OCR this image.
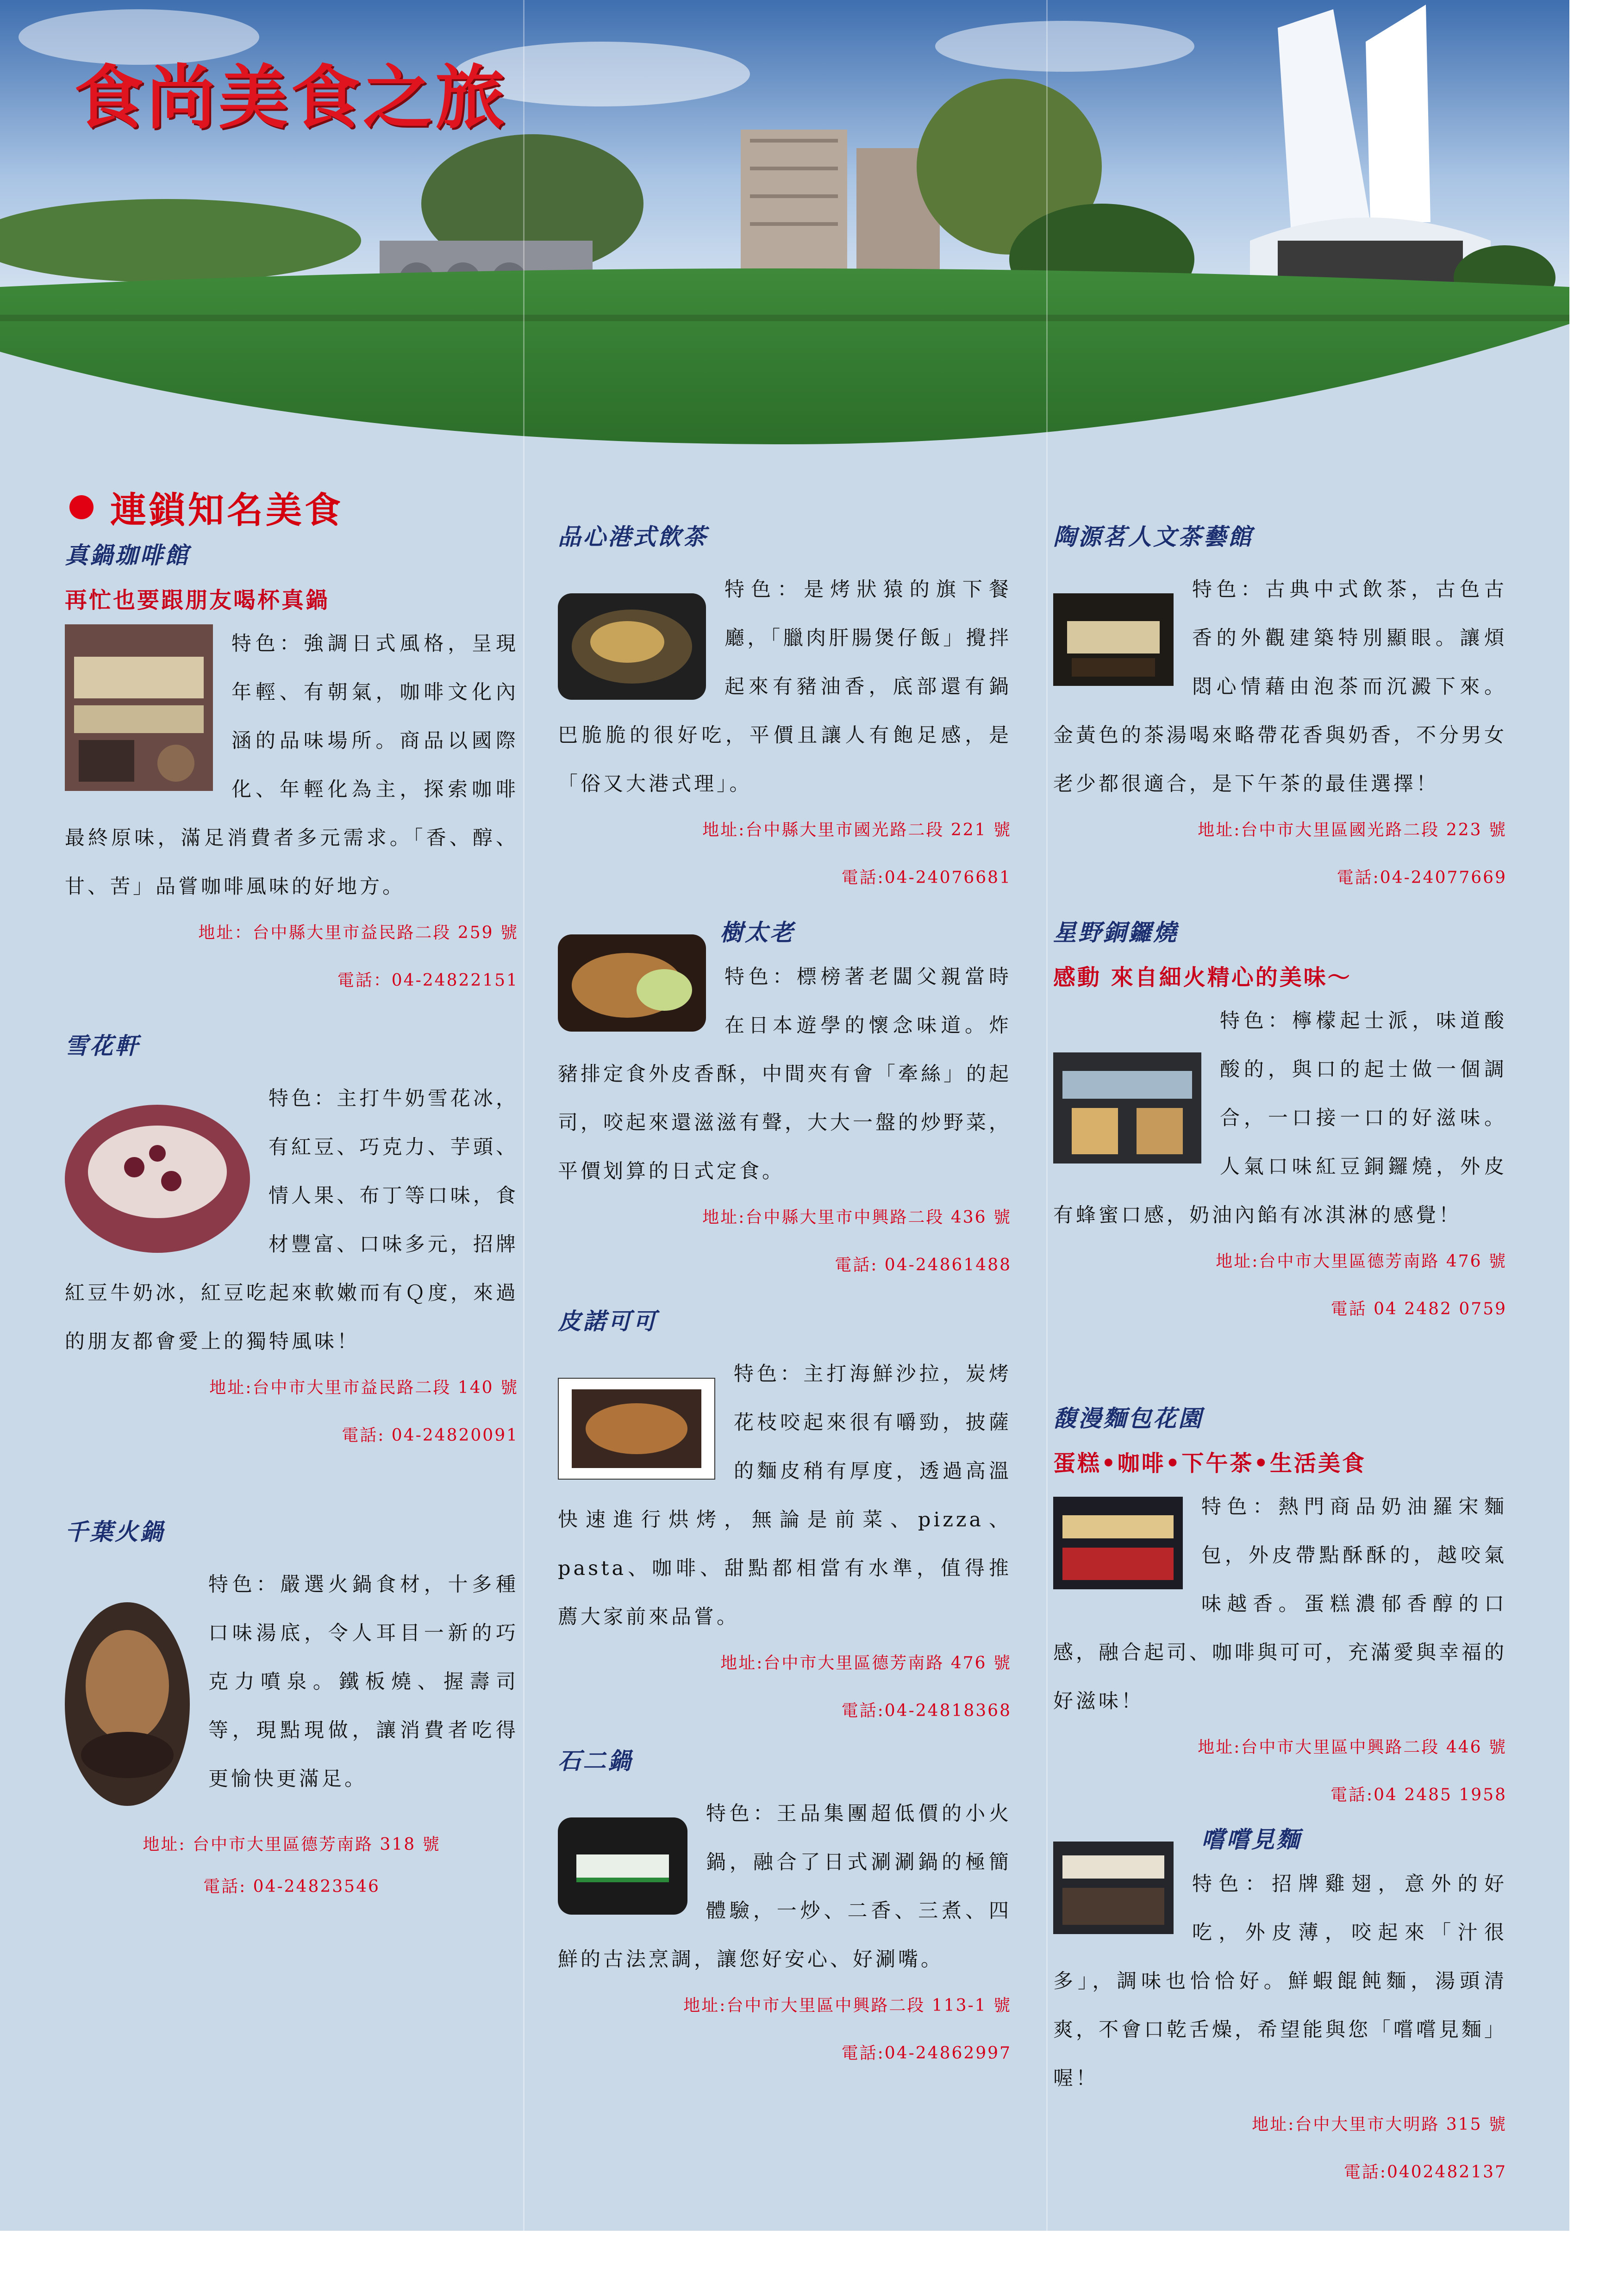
食尚美食之旅
連鎖知名美食
真鍋珈啡館
再忙也要跟朋友喝杯真鍋
特色：強調日式風格，呈現年輕、有朝氣，咖啡文化內涵的品味場所。商品以國際化、年輕化為主，探索咖啡最終原味，滿足消費者多元需求。「香、醇、甘、苦」品嘗咖啡風味的好地方。
地址：台中縣大里市益民路二段 259 號
電話：04-24822151
雪花軒
特色：主打牛奶雪花冰，有紅豆、巧克力、芋頭、情人果、布丁等口味，食材豐富、口味多元，招牌紅豆牛奶冰，紅豆吃起來軟嫩而有Ｑ度，來過的朋友都會愛上的獨特風味！
地址:台中市大里市益民路二段 140 號
電話: 04-24820091
千葉火鍋
特色：嚴選火鍋食材，十多種口味湯底，令人耳目一新的巧克力噴泉。鐵板燒、握壽司等，現點現做，讓消費者吃得更愉快更滿足。
地址: 台中市大里區德芳南路 318 號
電話: 04-24823546
品心港式飲茶
特色：是烤狀猿的旗下餐廳，「臘肉肝腸煲仔飯」攪拌起來有豬油香，底部還有鍋巴脆脆的很好吃，平價且讓人有飽足感，是「俗又大港式理」。
地址:台中縣大里市國光路二段 221 號
電話:04-24076681
樹太老
特色：標榜著老闆父親當時在日本遊學的懷念味道。炸豬排定食外皮香酥，中間夾有會「牽絲」的起司，咬起來還滋滋有聲，大大一盤的炒野菜，平價划算的日式定食。
地址:台中縣大里市中興路二段 436 號
電話: 04-24861488
皮諾可可
特色：主打海鮮沙拉，炭烤花枝咬起來很有嚼勁，披薩的麵皮稍有厚度，透過高溫快速進行烘烤，無論是前菜、pizza、pasta、咖啡、甜點都相當有水準，值得推薦大家前來品嘗。
地址:台中市大里區德芳南路 476 號
電話:04-24818368
石二鍋
特色：王品集團超低價的小火鍋，融合了日式涮涮鍋的極簡體驗，一炒、二香、三煮、四鮮的古法烹調，讓您好安心、好涮嘴。
地址:台中市大里區中興路二段 113-1 號
電話:04-24862997
陶源茗人文茶藝館
特色：古典中式飲茶，古色古香的外觀建築特別顯眼。讓煩悶心情藉由泡茶而沉澱下來。金黃色的茶湯喝來略帶花香與奶香，不分男女老少都很適合，是下午茶的最佳選擇！
地址:台中市大里區國光路二段 223 號
電話:04-24077669
星野銅鑼燒
感動 來自細火精心的美味～
特色：檸檬起士派，味道酸酸的，與口的起士做一個調合，一口接一口的好滋味。人氣口味紅豆銅鑼燒，外皮有蜂蜜口感，奶油內餡有冰淇淋的感覺！
地址:台中市大里區德芳南路 476 號
電話 04 2482 0759
馥漫麵包花園
蛋糕•咖啡•下午茶•生活美食
特色：熱門商品奶油羅宋麵包，外皮帶點酥酥的，越咬氣味越香。蛋糕濃郁香醇的口感，融合起司、咖啡與可可，充滿愛與幸福的好滋味！
地址:台中市大里區中興路二段 446 號
電話:04 2485 1958
嚐嚐見麵
特色：招牌雞翅，意外的好吃，外皮薄，咬起來「汁很多」，調味也恰恰好。鮮蝦餛飩麵，湯頭清爽，不會口乾舌燥，希望能與您「嚐嚐見麵」喔！
地址:台中大里市大明路 315 號
電話:0402482137
